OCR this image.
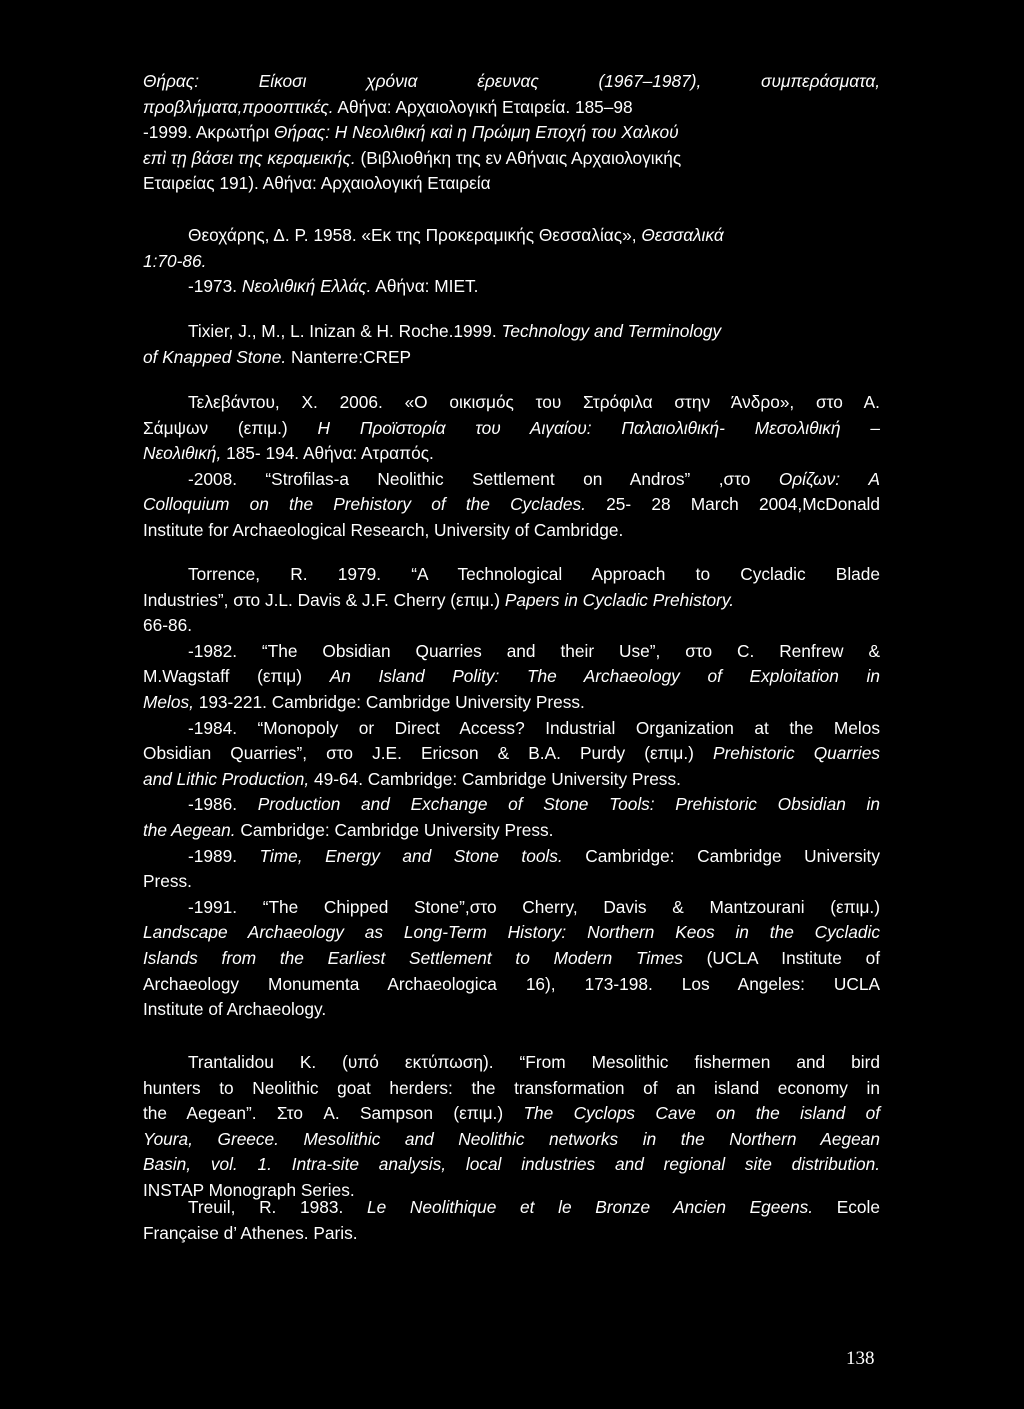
Θήρας: Είκοσι χρόνια έρευνας (1967–1987), συμπεράσματα,
προβλήματα,προοπτικές. Αθήνα: Αρχαιολογική Εταιρεία. 185–98
-1999. Ακρωτήρι Θήρας: Η Νεολιθική καὶ η Πρώιμη Εποχή του Χαλκού
επὶ τῃ βάσει της κεραμεικής. (Βιβλιοθήκη της εν Αθήναις Αρχαιολογικής
Εταιρείας 191). Αθήνα: Αρχαιολογική Εταιρεία
Θεοχάρης, Δ. Ρ. 1958. «Εκ της Προκεραμικής Θεσσαλίας», Θεσσαλικά
1:70-86.
-1973. Νεολιθική Ελλάς. Αθήνα: ΜΙΕΤ.
Tixier, J., M., L. Inizan & H. Roche.1999. Technology and Terminology
of Knapped Stone. Nanterre:CREP
Τελεβάντου, Χ. 2006. «Ο οικισμός του Στρόφιλα στην Άνδρο», στο Α.
Σάμψων (επιμ.) Η Προϊστορία του Αιγαίου: Παλαιολιθική- Μεσολιθική –
Νεολιθική, 185- 194. Αθήνα: Ατραπός.
-2008. “Strofilas-a Neolithic Settlement on Andros” ,στο Ορίζων: A
Colloquium on the Prehistory of the Cyclades. 25- 28 March 2004,McDonald
Institute for Archaeological Research, University of Cambridge.
Torrence, R. 1979. “A Technological Approach to Cycladic Blade
Industries”, στο J.L. Davis & J.F. Cherry (επιμ.) Papers in Cycladic Prehistory.
66-86.
-1982. “The Obsidian Quarries and their Use”, στο C. Renfrew &
M.Wagstaff (επιμ) An Island Polity: The Archaeology of Exploitation in
Melos, 193-221. Cambridge: Cambridge University Press.
-1984. “Monopoly or Direct Access? Industrial Organization at the Melos
Obsidian Quarries”, στο J.E. Ericson & B.A. Purdy (επιμ.) Prehistoric Quarries
and Lithic Production, 49-64. Cambridge: Cambridge University Press.
-1986. Production and Exchange of Stone Tools: Prehistoric Obsidian in
the Aegean. Cambridge: Cambridge University Press.
-1989. Time, Energy and Stone tools. Cambridge: Cambridge University
Press.
-1991. “The Chipped Stone”,στο Cherry, Davis & Mantzourani (επιμ.)
Landscape Archaeology as Long-Term History: Northern Keos in the Cycladic
Islands from the Earliest Settlement to Modern Times (UCLA Institute of
Archaeology Monumenta Archaeologica 16), 173-198. Los Angeles: UCLA
Institute of Archaeology.
Trantalidou K. (υπό εκτύπωση). “From Mesolithic fishermen and bird
hunters to Neolithic goat herders: the transformation of an island economy in
the Aegean”. Στο A. Sampson (επιμ.) The Cyclops Cave on the island of
Youra, Greece. Mesolithic and Neolithic networks in the Northern Aegean
Basin, vol. 1. Intra-site analysis, local industries and regional site distribution.
INSTAP Monograph Series.
Treuil, R. 1983. Le Neolithique et le Bronze Ancien Egeens. Ecole
Française d’ Athenes. Paris.
138
